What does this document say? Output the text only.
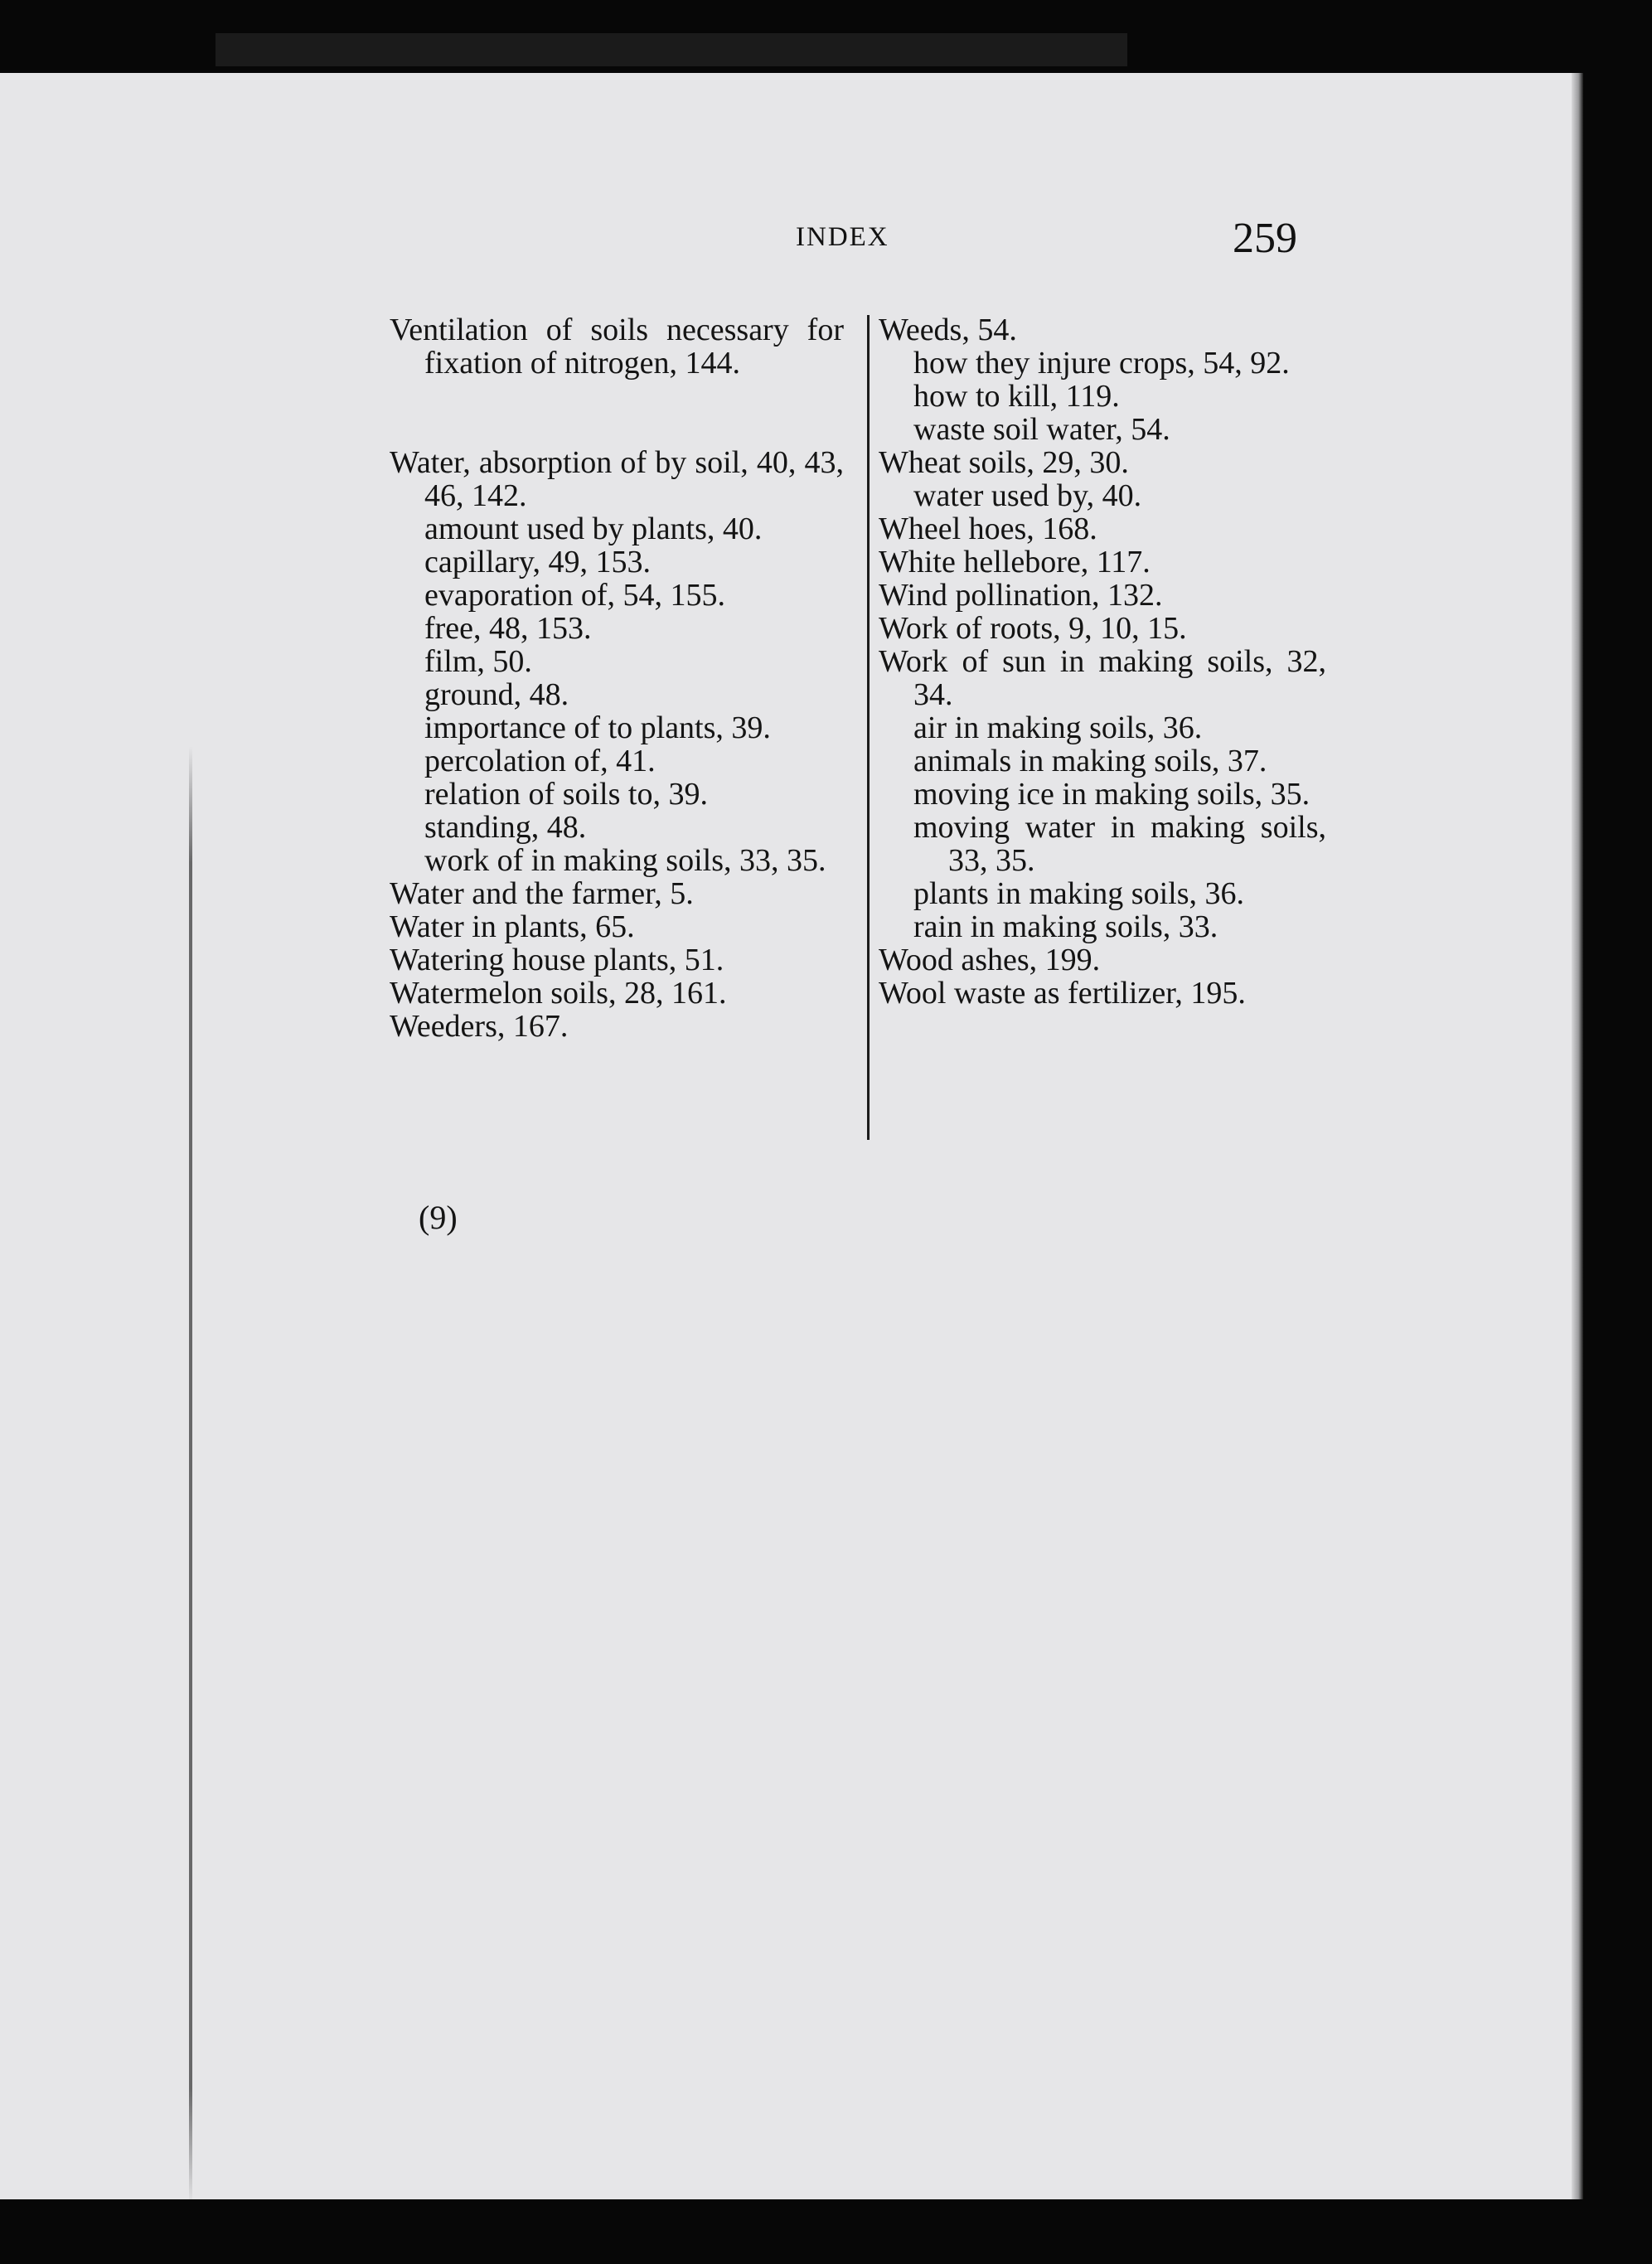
INDEX	259
Ventilation of soils necessary for fixation of nitrogen, 144.
Water, absorption of by soil, 40, 43, 46, 142.
amount used by plants, 40.
capillary, 49, 153.
evaporation of, 54, 155.
free, 48, 153.
film, 50.
ground, 48.
importance of to plants, 39.
percolation of, 41.
relation of soils to, 39.
standing, 48.
work of in making soils, 33, 35.
Water and the farmer, 5.
Water in plants, 65.
Watering house plants, 51.
Watermelon soils, 28, 161.
Weeders, 167.
Weeds, 54.
how they injure crops, 54, 92.
how to kill, 119.
waste soil water, 54.
Wheat soils, 29, 30.
water used by, 40.
Wheel hoes, 168.
White hellebore, 117.
Wind pollination, 132.
Work of roots, 9, 10, 15.
Work of sun in making soils, 32, 34.
air in making soils, 36.
animals in making soils, 37.
moving ice in making soils, 35.
moving water in making soils, 33, 35.
plants in making soils, 36.
rain in making soils, 33.
Wood ashes, 199.
Wool waste as fertilizer, 195.
(9)
